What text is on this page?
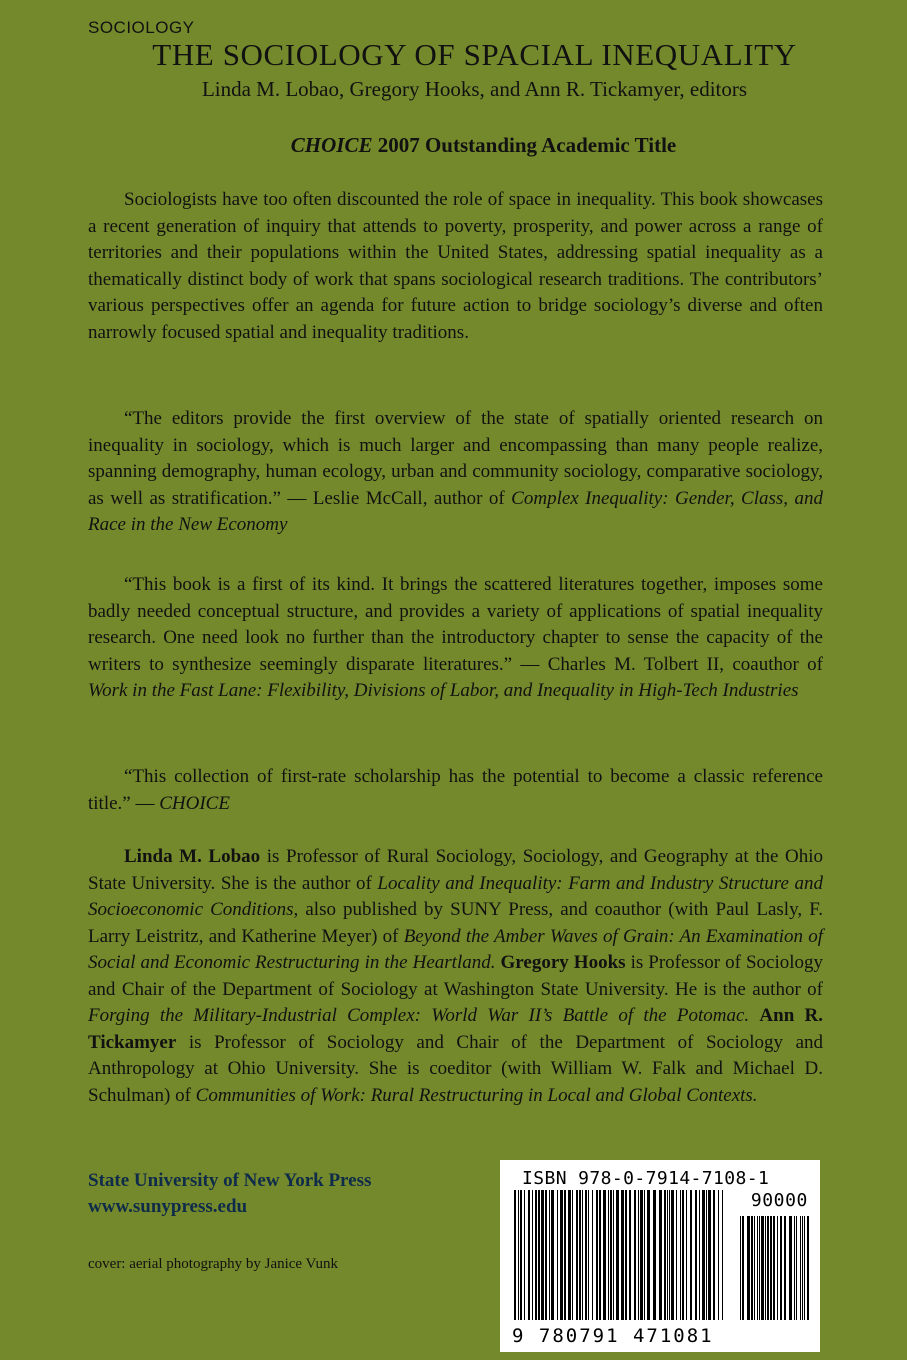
SOCIOLOGY
THE SOCIOLOGY OF SPACIAL INEQUALITY
Linda M. Lobao, Gregory Hooks, and Ann R. Tickamyer, editors
CHOICE 2007 Outstanding Academic Title

Sociologists have too often discounted the role of space in inequality. This book showcases a recent generation of inquiry that attends to poverty, prosperity, and power across a range of territories and their populations within the United States, addressing spatial inequality as a thematically distinct body of work that spans sociological research traditions. The contributors’ various perspectives offer an agenda for future action to bridge sociology’s diverse and often narrowly focused spatial and inequality traditions.

“The editors provide the first overview of the state of spatially oriented research on inequality in sociology, which is much larger and encompassing than many people realize, spanning demography, human ecology, urban and community sociology, comparative sociology, as well as stratification.” — Leslie McCall, author of Complex Inequality: Gender, Class, and Race in the New Economy

“This book is a first of its kind. It brings the scattered literatures together, imposes some badly needed conceptual structure, and provides a variety of applications of spatial inequality research. One need look no further than the introductory chapter to sense the capacity of the writers to synthesize seemingly disparate literatures.” — Charles M. Tolbert II, coauthor of Work in the Fast Lane: Flexibility, Divisions of Labor, and Inequality in High-Tech Industries

“This collection of first-rate scholarship has the potential to become a classic reference title.” — CHOICE

Linda M. Lobao is Professor of Rural Sociology, Sociology, and Geography at the Ohio State University. She is the author of Locality and Inequality: Farm and Industry Structure and Socioeconomic Conditions, also published by SUNY Press, and coauthor (with Paul Lasly, F. Larry Leistritz, and Katherine Meyer) of Beyond the Amber Waves of Grain: An Examination of Social and Economic Restructuring in the Heartland. Gregory Hooks is Professor of Sociology and Chair of the Department of Sociology at Washington State University. He is the author of Forging the Military-Industrial Complex: World War II’s Battle of the Potomac. Ann R. Tickamyer is Professor of Sociology and Chair of the Department of Sociology and Anthropology at Ohio University. She is coeditor (with William W. Falk and Michael D. Schulman) of Communities of Work: Rural Restructuring in Local and Global Contexts.

State University of New York Press
www.sunypress.edu
cover: aerial photography by Janice Vunk
ISBN 978-0-7914-7108-1
90000
9 780791 471081
